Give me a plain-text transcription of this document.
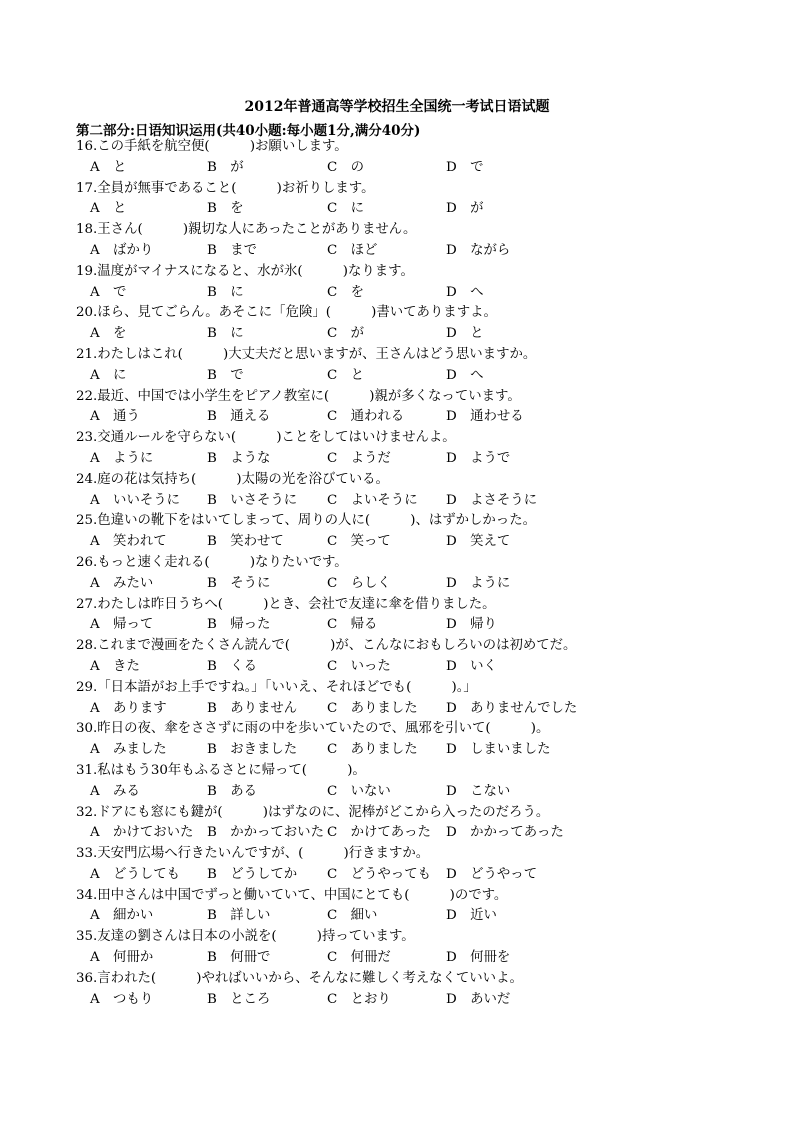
2012年普通高等学校招生全国统一考试日语试题
第二部分:日语知识运用(共40小题:每小题1分,满分40分)
16.この手紙を航空便(　　　)お願いします。
A　と	B　が	C　の	D　で
17.全員が無事であること(　　　)お祈りします。
A　と	B　を	C　に	D　が
18.王さん(　　　)親切な人にあったことがありません。
A　ばかり	B　まで	C　ほど	D　ながら
19.温度がマイナスになると、水が氷(　　　)なります。
A　で	B　に	C　を	D　へ
20.ほら、見てごらん。あそこに「危険」(　　　)書いてありますよ。
A　を	B　に	C　が	D　と
21.わたしはこれ(　　　)大丈夫だと思いますが、王さんはどう思いますか。
A　に	B　で	C　と	D　へ
22.最近、中国では小学生をピアノ教室に(　　　)親が多くなっています。
A　通う	B　通える	C　通われる	D　通わせる
23.交通ルールを守らない(　　　)ことをしてはいけませんよ。
A　ように	B　ような	C　ようだ	D　ようで
24.庭の花は気持ち(　　　)太陽の光を浴びている。
A　いいそうに B　いさそうに C　よいそうに D　よさそうに
25.色違いの靴下をはいてしまって、周りの人に(　　　)、はずかしかった。
A　笑われて	B　笑わせて	C　笑って	D　笑えて
26.もっと速く走れる(　　　)なりたいです。
A　みたい	B　そうに	C　らしく	D　ように
27.わたしは昨日うちへ(　　　)とき、会社で友達に傘を借りました。
A　帰って	B　帰った	C　帰る	D　帰り
28.これまで漫画をたくさん読んで(　　　)が、こんなにおもしろいのは初めてだ。
A　きた	B　くる	C　いった	D　いく
29.「日本語がお上手ですね。」「いいえ、それほどでも(　　　)。」
A　あります	B　ありません C　ありました D　ありませんでした
30.昨日の夜、傘をささずに雨の中を歩いていたので、風邪を引いて(　　　)。
A　みました	B　おきました C　ありました D　しまいました
31.私はもう30年もふるさとに帰って(　　　)。
A　みる	B　ある	C　いない	D　こない
32.ドアにも窓にも鍵が(　　　)はずなのに、泥棒がどこから入ったのだろう。
A　かけておいた B　かかっておいた C　かけてあった D　かかってあった
33.天安門広場へ行きたいんですが、(　　　)行きますか。
A　どうしても B　どうしてか C　どうやっても D　どうやって
34.田中さんは中国でずっと働いていて、中国にとても(　　　)のです。
A　細かい	B　詳しい	C　細い	D　近い
35.友達の劉さんは日本の小説を(　　　)持っています。
A　何冊か	B　何冊で	C　何冊だ	D　何冊を
36.言われた(　　　)やればいいから、そんなに難しく考えなくていいよ。
A　つもり	B　ところ	C　とおり	D　あいだ
